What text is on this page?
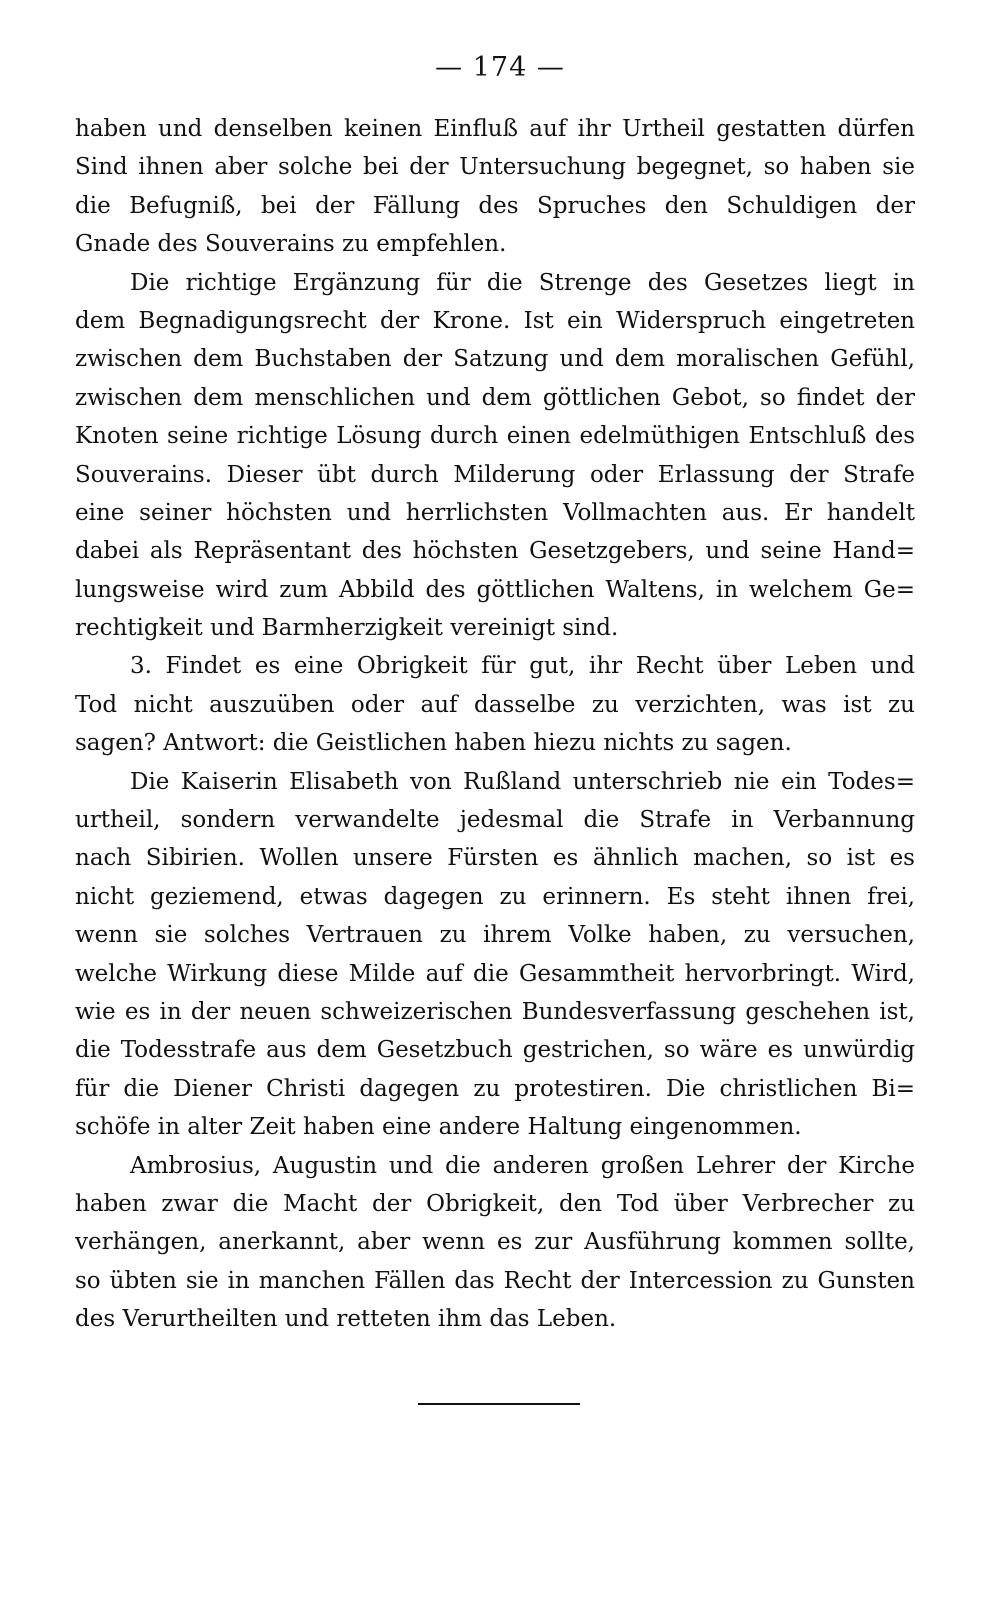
— 174 —
haben und denselben keinen Einfluß auf ihr Urtheil gestatten dürfen
Sind ihnen aber solche bei der Untersuchung begegnet, so haben sie
die Befugniß, bei der Fällung des Spruches den Schuldigen der
Gnade des Souverains zu empfehlen.
Die richtige Ergänzung für die Strenge des Gesetzes liegt in
dem Begnadigungsrecht der Krone. Ist ein Widerspruch eingetreten
zwischen dem Buchstaben der Satzung und dem moralischen Gefühl,
zwischen dem menschlichen und dem göttlichen Gebot, so findet der
Knoten seine richtige Lösung durch einen edelmüthigen Entschluß des
Souverains. Dieser übt durch Milderung oder Erlassung der Strafe
eine seiner höchsten und herrlichsten Vollmachten aus. Er handelt
dabei als Repräsentant des höchsten Gesetzgebers, und seine Hand=
lungsweise wird zum Abbild des göttlichen Waltens, in welchem Ge=
rechtigkeit und Barmherzigkeit vereinigt sind.
3. Findet es eine Obrigkeit für gut, ihr Recht über Leben und
Tod nicht auszuüben oder auf dasselbe zu verzichten, was ist zu
sagen? Antwort: die Geistlichen haben hiezu nichts zu sagen.
Die Kaiserin Elisabeth von Rußland unterschrieb nie ein Todes=
urtheil, sondern verwandelte jedesmal die Strafe in Verbannung
nach Sibirien. Wollen unsere Fürsten es ähnlich machen, so ist es
nicht geziemend, etwas dagegen zu erinnern. Es steht ihnen frei,
wenn sie solches Vertrauen zu ihrem Volke haben, zu versuchen,
welche Wirkung diese Milde auf die Gesammtheit hervorbringt. Wird,
wie es in der neuen schweizerischen Bundesverfassung geschehen ist,
die Todesstrafe aus dem Gesetzbuch gestrichen, so wäre es unwürdig
für die Diener Christi dagegen zu protestiren. Die christlichen Bi=
schöfe in alter Zeit haben eine andere Haltung eingenommen.
Ambrosius, Augustin und die anderen großen Lehrer der Kirche
haben zwar die Macht der Obrigkeit, den Tod über Verbrecher zu
verhängen, anerkannt, aber wenn es zur Ausführung kommen sollte,
so übten sie in manchen Fällen das Recht der Intercession zu Gunsten
des Verurtheilten und retteten ihm das Leben.
